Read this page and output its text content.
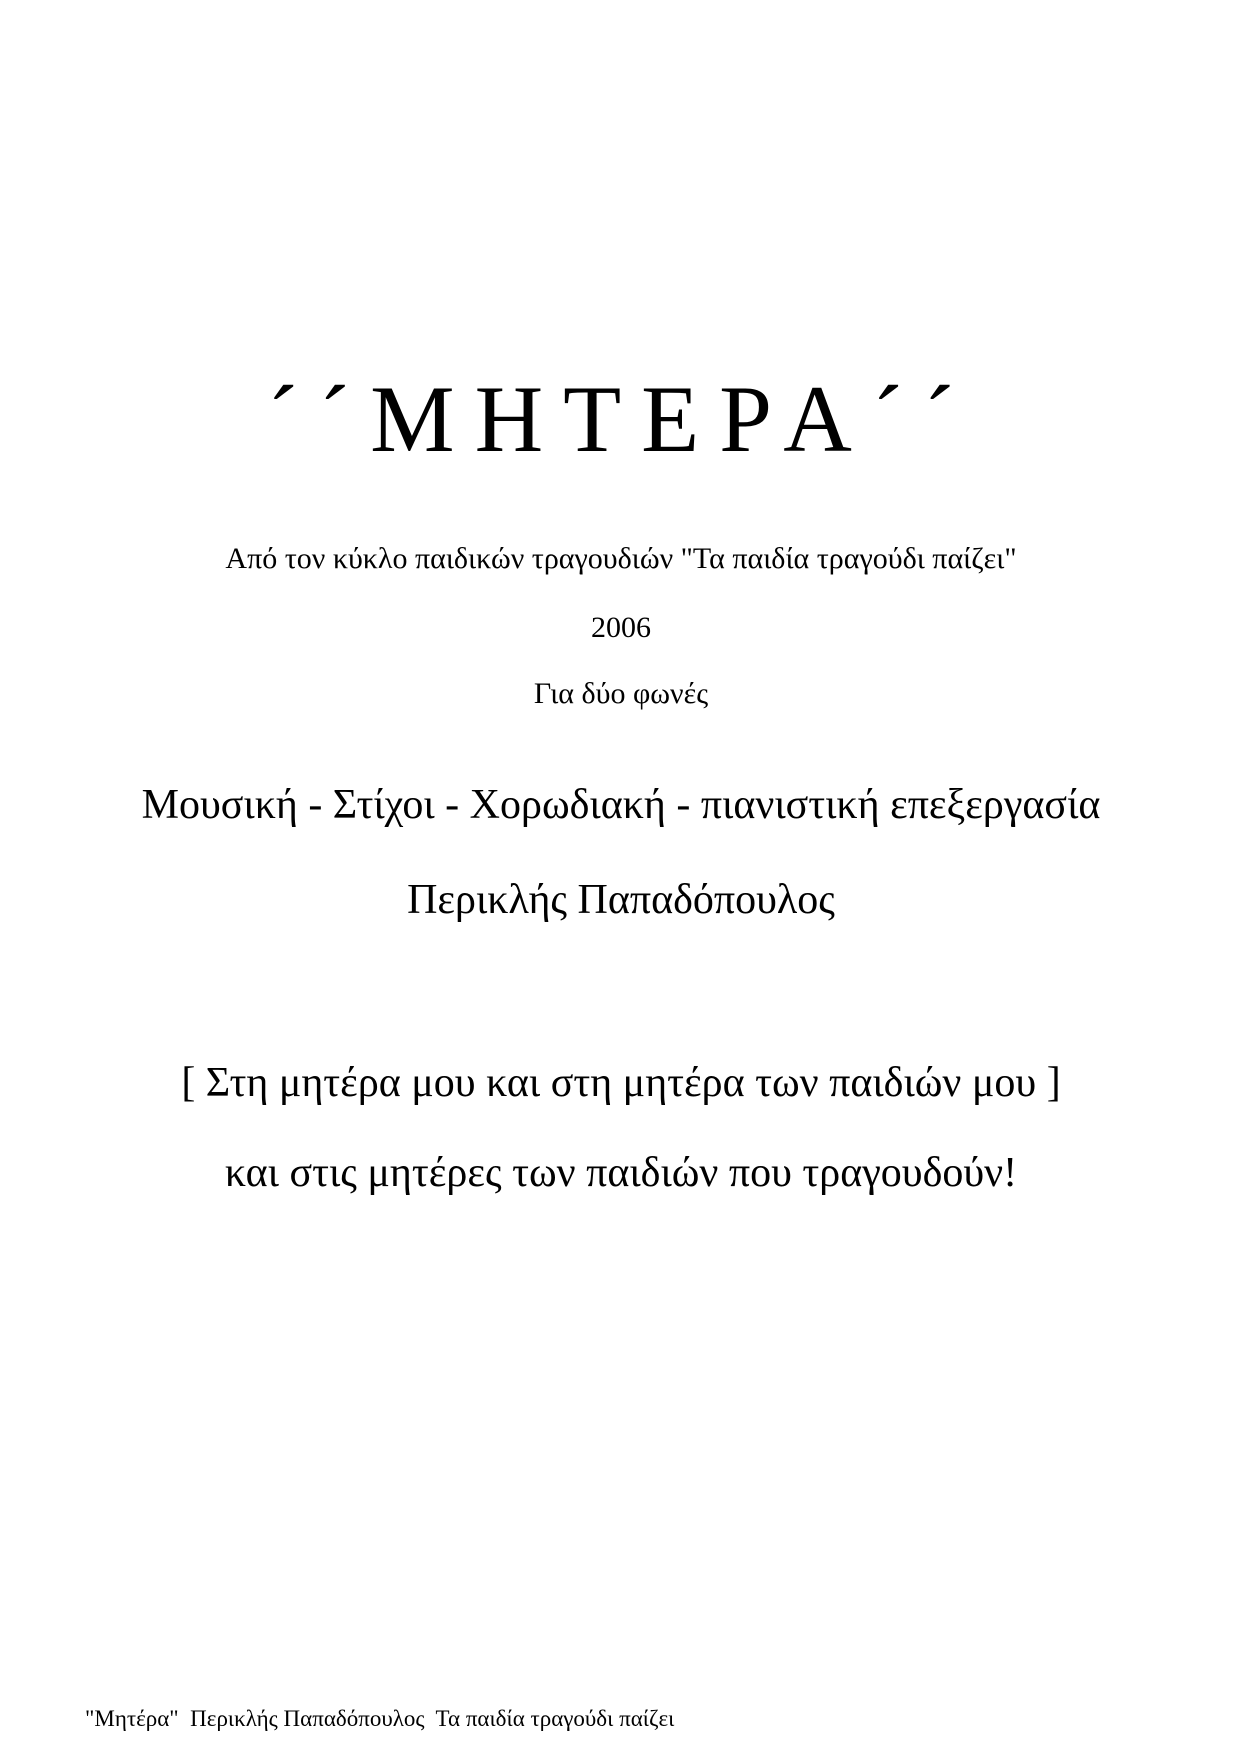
´´ΜΗΤΕΡΑ´´
Από τον κύκλο παιδικών τραγουδιών "Τα παιδία τραγούδι παίζει"
2006
Για δύο φωνές
Μουσική - Στίχοι - Χορωδιακή - πιανιστική επεξεργασία
Περικλής Παπαδόπουλος
[ Στη μητέρα μου και στη μητέρα των παιδιών μου ]
και στις μητέρες των παιδιών που τραγουδούν!
"Μητέρα"  Περικλής Παπαδόπουλος  Τα παιδία τραγούδι παίζει
